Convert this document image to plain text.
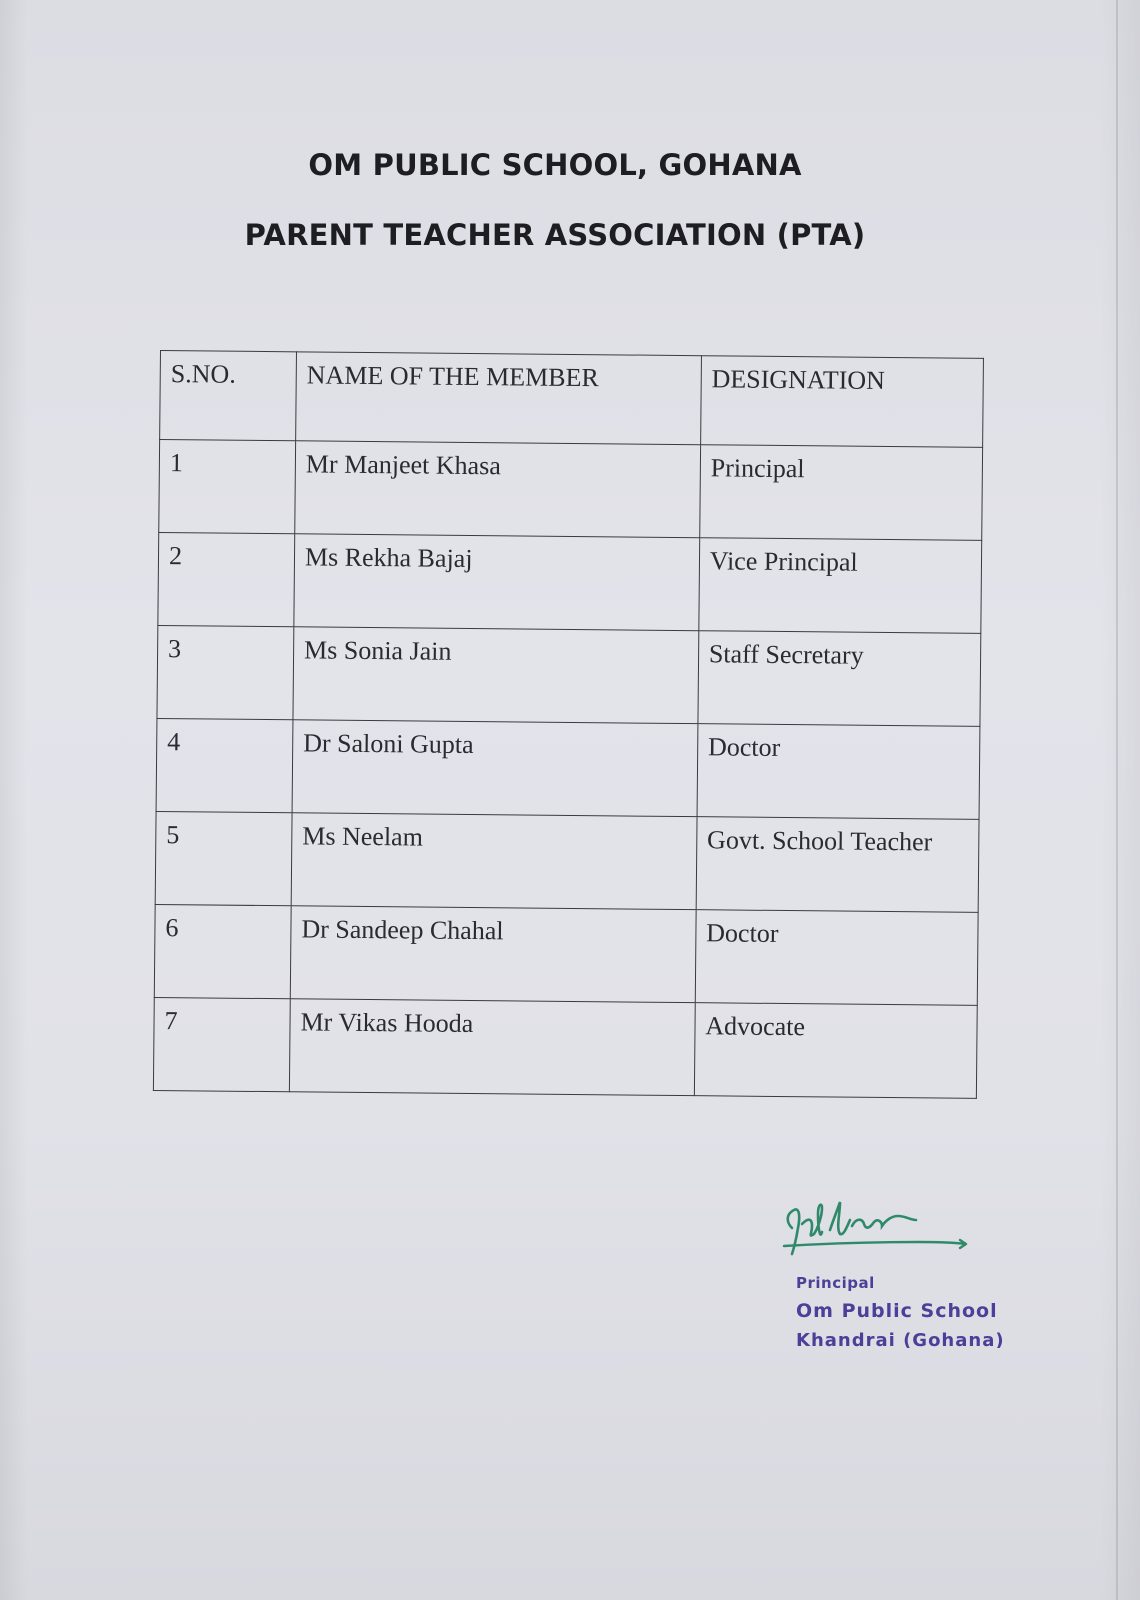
OM PUBLIC SCHOOL, GOHANA
PARENT TEACHER ASSOCIATION (PTA)
S.NO.	NAME OF THE MEMBER	DESIGNATION
1	Mr Manjeet Khasa	Principal
2	Ms Rekha Bajaj	Vice Principal
3	Ms Sonia Jain	Staff Secretary
4	Dr Saloni Gupta	Doctor
5	Ms Neelam	Govt. School Teacher
6	Dr Sandeep Chahal	Doctor
7	Mr Vikas Hooda	Advocate
Principal
Om Public School
Khandrai (Gohana)
